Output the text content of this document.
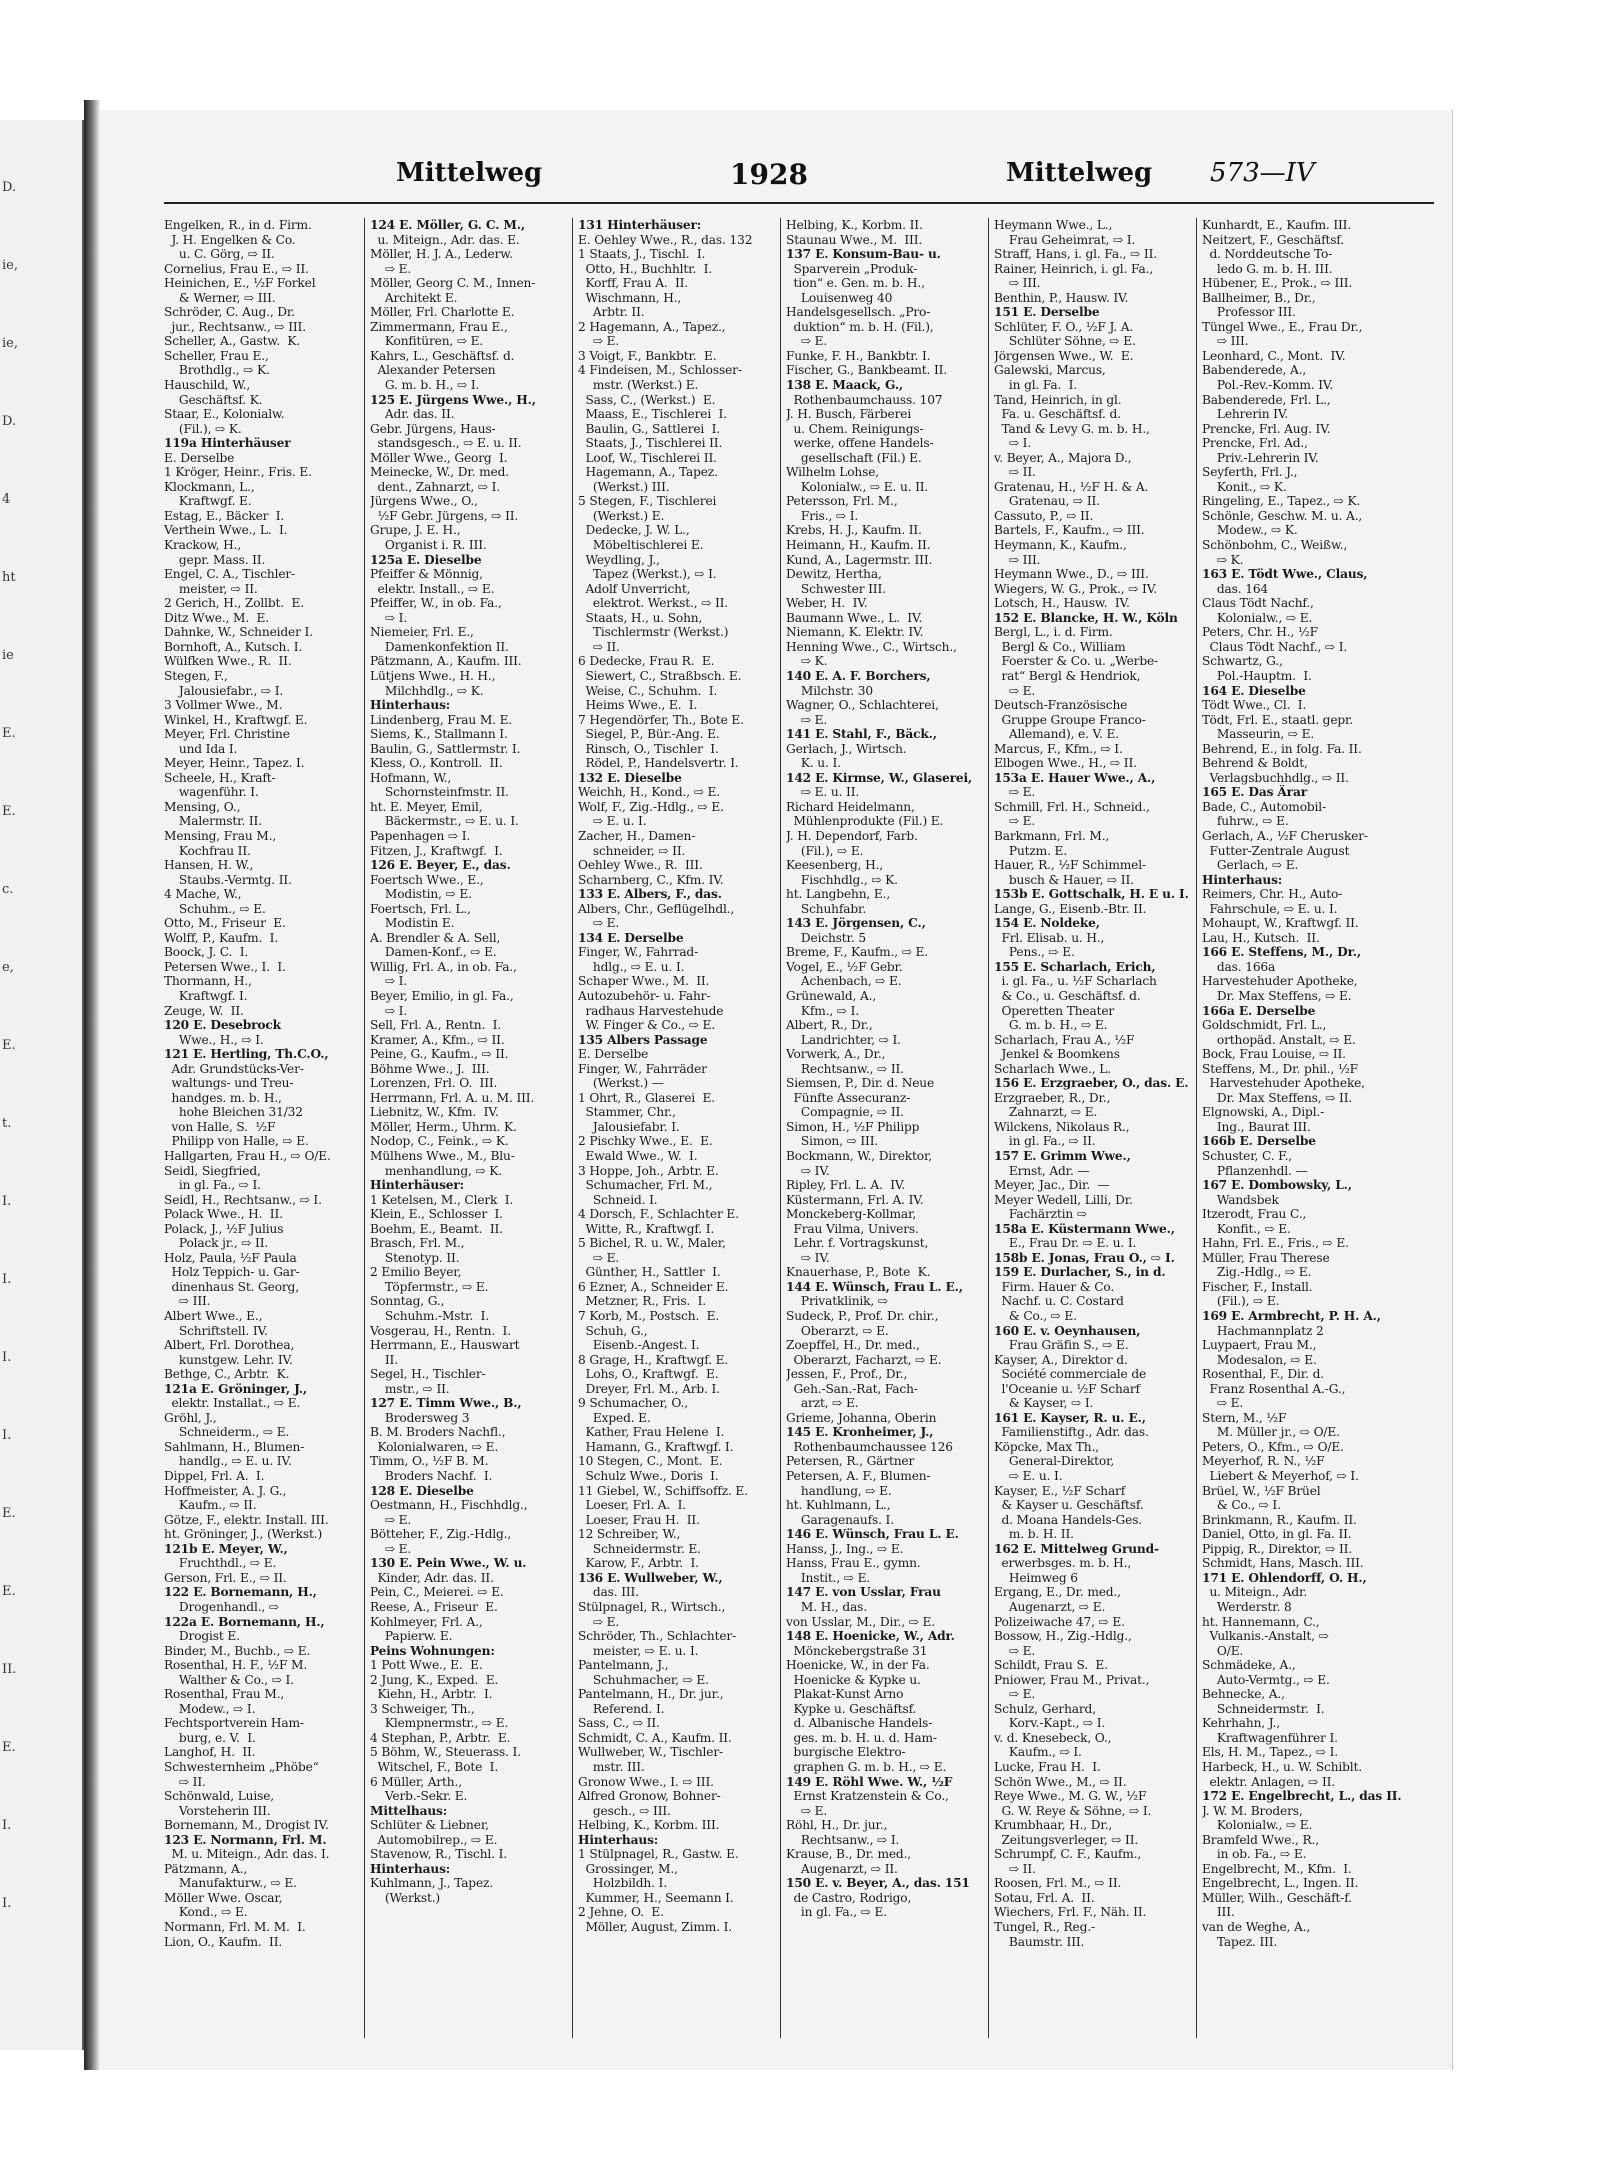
D.
ie,
ie,
D.
4
ht
ie
E.
E.
c.
e,
E.
t.
I.
I.
I.
I.
E.
E.
II.
E.
I.
I.
Mittelweg	1928	Mittelweg 573—IV
Engelken, R., in d. Firm.
J. H. Engelken & Co.
u. C. Görg, ⇨ II.
Cornelius, Frau E., ⇨ II.
Heinichen, E., ½F Forkel
& Werner, ⇨ III.
Schröder, C. Aug., Dr.
jur., Rechtsanw., ⇨ III.
Scheller, A., Gastw.  K.
Scheller, Frau E.,
Brothdlg., ⇨ K.
Hauschild, W.,
Geschäftsf. K.
Staar, E., Kolonialw.
(Fil.), ⇨ K.
119a Hinterhäuser
E. Derselbe
1 Kröger, Heinr., Fris. E.
Klockmann, L.,
Kraftwgf. E.
Estag, E., Bäcker  I.
Verthein Wwe., L.  I.
Krackow, H.,
gepr. Mass. II.
Engel, C. A., Tischler-
meister, ⇨ II.
2 Gerich, H., Zollbt.  E.
Ditz Wwe., M.  E.
Dahnke, W., Schneider I.
Bornhoft, A., Kutsch. I.
Wülfken Wwe., R.  II.
Stegen, F.,
Jalousiefabr., ⇨ I.
3 Vollmer Wwe., M.
Winkel, H., Kraftwgf. E.
Meyer, Frl. Christine
und Ida I.
Meyer, Heinr., Tapez. I.
Scheele, H., Kraft-
wagenführ. I.
Mensing, O.,
Malermstr. II.
Mensing, Frau M.,
Kochfrau II.
Hansen, H. W.,
Staubs.-Vermtg. II.
4 Mache, W.,
Schuhm., ⇨ E.
Otto, M., Friseur  E.
Wolff, P., Kaufm.  I.
Boock, J. C.  I.
Petersen Wwe., I.  I.
Thormann, H.,
Kraftwgf. I.
Zeuge, W.  II.
120 E. Desebrock
Wwe., H., ⇨ I.
121 E. Hertling, Th.C.O.,
Adr. Grundstücks-Ver-
waltungs- und Treu-
handges. m. b. H.,
hohe Bleichen 31/32
von Halle, S.  ½F
Philipp von Halle, ⇨ E.
Hallgarten, Frau H., ⇨ O/E.
Seidl, Siegfried,
in gl. Fa., ⇨ I.
Seidl, H., Rechtsanw., ⇨ I.
Polack Wwe., H.  II.
Polack, J., ½F Julius
Polack jr., ⇨ II.
Holz, Paula, ½F Paula
Holz Teppich- u. Gar-
dinenhaus St. Georg,
⇨ III.
Albert Wwe., E.,
Schriftstell. IV.
Albert, Frl. Dorothea,
kunstgew. Lehr. IV.
Bethge, C., Arbtr.  K.
121a E. Gröninger, J.,
elektr. Installat., ⇨ E.
Gröhl, J.,
Schneiderm., ⇨ E.
Sahlmann, H., Blumen-
handlg., ⇨ E. u. IV.
Dippel, Frl. A.  I.
Hoffmeister, A. J. G.,
Kaufm., ⇨ II.
Götze, F., elektr. Install. III.
ht. Gröninger, J., (Werkst.)
121b E. Meyer, W.,
Fruchthdl., ⇨ E.
Gerson, Frl. E., ⇨ II.
122 E. Bornemann, H.,
Drogenhandl., ⇨
122a E. Bornemann, H.,
Drogist E.
Binder, M., Buchb., ⇨ E.
Rosenthal, H. F., ½F M.
Walther & Co., ⇨ I.
Rosenthal, Frau M.,
Modew., ⇨ I.
Fechtsportverein Ham-
burg, e. V.  I.
Langhof, H.  II.
Schwesternheim „Phöbe“
⇨ II.
Schönwald, Luise,
Vorsteherin III.
Bornemann, M., Drogist IV.
123 E. Normann, Frl. M.
M. u. Miteign., Adr. das. I.
Pätzmann, A.,
Manufakturw., ⇨ E.
Möller Wwe. Oscar,
Kond., ⇨ E.
Normann, Frl. M. M.  I.
Lion, O., Kaufm.  II.
124 E. Möller, G. C. M.,
u. Miteign., Adr. das. E.
Möller, H. J. A., Lederw.
⇨ E.
Möller, Georg C. M., Innen-
Architekt E.
Möller, Frl. Charlotte E.
Zimmermann, Frau E.,
Konfitüren, ⇨ E.
Kahrs, L., Geschäftsf. d.
Alexander Petersen
G. m. b. H., ⇨ I.
125 E. Jürgens Wwe., H.,
Adr. das. II.
Gebr. Jürgens, Haus-
standsgesch., ⇨ E. u. II.
Möller Wwe., Georg  I.
Meinecke, W., Dr. med.
dent., Zahnarzt, ⇨ I.
Jürgens Wwe., O.,
½F Gebr. Jürgens, ⇨ II.
Grupe, J. E. H.,
Organist i. R. III.
125a E. Dieselbe
Pfeiffer & Mönnig,
elektr. Install., ⇨ E.
Pfeiffer, W., in ob. Fa.,
⇨ I.
Niemeier, Frl. E.,
Damenkonfektion II.
Pätzmann, A., Kaufm. III.
Lütjens Wwe., H. H.,
Milchhdlg., ⇨ K.
Hinterhaus:
Lindenberg, Frau M. E.
Siems, K., Stallmann I.
Baulin, G., Sattlermstr. I.
Kless, O., Kontroll.  II.
Hofmann, W.,
Schornsteinfmstr. II.
ht. E. Meyer, Emil,
Bäckermstr., ⇨ E. u. I.
Papenhagen ⇨ I.
Fitzen, J., Kraftwgf.  I.
126 E. Beyer, E., das.
Foertsch Wwe., E.,
Modistin, ⇨ E.
Foertsch, Frl. L.,
Modistin E.
A. Brendler & A. Sell,
Damen-Konf., ⇨ E.
Willig, Frl. A., in ob. Fa.,
⇨ I.
Beyer, Emilio, in gl. Fa.,
⇨ I.
Sell, Frl. A., Rentn.  I.
Kramer, A., Kfm., ⇨ II.
Peine, G., Kaufm., ⇨ II.
Böhme Wwe., J.  III.
Lorenzen, Frl. O.  III.
Herrmann, Frl. A. u. M. III.
Liebnitz, W., Kfm.  IV.
Möller, Herm., Uhrm. K.
Nodop, C., Feink., ⇨ K.
Mülhens Wwe., M., Blu-
menhandlung, ⇨ K.
Hinterhäuser:
1 Ketelsen, M., Clerk  I.
Klein, E., Schlosser  I.
Boehm, E., Beamt.  II.
Brasch, Frl. M.,
Stenotyp. II.
2 Emilio Beyer,
Töpfermstr., ⇨ E.
Sonntag, G.,
Schuhm.-Mstr.  I.
Vosgerau, H., Rentn.  I.
Herrmann, E., Hauswart
II.
Segel, H., Tischler-
mstr., ⇨ II.
127 E. Timm Wwe., B.,
Brodersweg 3
B. M. Broders Nachfl.,
Kolonialwaren, ⇨ E.
Timm, O., ½F B. M.
Broders Nachf.  I.
128 E. Dieselbe
Oestmann, H., Fischhdlg.,
⇨ E.
Bötteher, F., Zig.-Hdlg.,
⇨ E.
130 E. Pein Wwe., W. u.
Kinder, Adr. das. II.
Pein, C., Meierei. ⇨ E.
Reese, A., Friseur  E.
Kohlmeyer, Frl. A.,
Papierw. E.
Peins Wohnungen:
1 Pott Wwe., E.  E.
2 Jung, K., Exped.  E.
Kiehn, H., Arbtr.  I.
3 Schweiger, Th.,
Klempnermstr., ⇨ E.
4 Stephan, P., Arbtr.  E.
5 Böhm, W., Steuerass. I.
Witschel, F., Bote  I.
6 Müller, Arth.,
Verb.-Sekr. E.
Mittelhaus:
Schlüter & Liebner,
Automobilrep., ⇨ E.
Stavenow, R., Tischl. I.
Hinterhaus:
Kuhlmann, J., Tapez.
(Werkst.)
131 Hinterhäuser:
E. Oehley Wwe., R., das. 132
1 Staats, J., Tischl.  I.
Otto, H., Buchhltr.  I.
Korff, Frau A.  II.
Wischmann, H.,
Arbtr. II.
2 Hagemann, A., Tapez.,
⇨ E.
3 Voigt, F., Bankbtr.  E.
4 Findeisen, M., Schlosser-
mstr. (Werkst.) E.
Sass, C., (Werkst.)  E.
Maass, E., Tischlerei  I.
Baulin, G., Sattlerei  I.
Staats, J., Tischlerei II.
Loof, W., Tischlerei II.
Hagemann, A., Tapez.
(Werkst.) III.
5 Stegen, F., Tischlerei
(Werkst.) E.
Dedecke, J. W. L.,
Möbeltischlerei E.
Weydling, J.,
Tapez (Werkst.), ⇨ I.
Adolf Unverricht,
elektrot. Werkst., ⇨ II.
Staats, H., u. Sohn,
Tischlermstr (Werkst.)
⇨ II.
6 Dedecke, Frau R.  E.
Siewert, C., Straßbsch. E.
Weise, C., Schuhm.  I.
Heims Wwe., E.  I.
7 Hegendörfer, Th., Bote E.
Siegel, P., Bür.-Ang. E.
Rinsch, O., Tischler  I.
Rödel, P., Handelsvertr. I.
132 E. Dieselbe
Weichh, H., Kond., ⇨ E.
Wolf, F., Zig.-Hdlg., ⇨ E.
⇨ E. u. I.
Zacher, H., Damen-
schneider, ⇨ II.
Oehley Wwe., R.  III.
Scharnberg, C., Kfm. IV.
133 E. Albers, F., das.
Albers, Chr., Geflügelhdl.,
⇨ E.
134 E. Derselbe
Finger, W., Fahrrad-
hdlg., ⇨ E. u. I.
Schaper Wwe., M.  II.
Autozubehör- u. Fahr-
radhaus Harvestehude
W. Finger & Co., ⇨ E.
135 Albers Passage
E. Derselbe
Finger, W., Fahrräder
(Werkst.) —
1 Ohrt, R., Glaserei  E.
Stammer, Chr.,
Jalousiefabr. I.
2 Pischky Wwe., E.  E.
Ewald Wwe., W.  I.
3 Hoppe, Joh., Arbtr. E.
Schumacher, Frl. M.,
Schneid. I.
4 Dorsch, F., Schlachter E.
Witte, R., Kraftwgf. I.
5 Bichel, R. u. W., Maler,
⇨ E.
Günther, H., Sattler  I.
6 Ezner, A., Schneider E.
Metzner, R., Fris.  I.
7 Korb, M., Postsch.  E.
Schuh, G.,
Eisenb.-Angest. I.
8 Grage, H., Kraftwgf. E.
Lohs, O., Kraftwgf.  E.
Dreyer, Frl. M., Arb. I.
9 Schumacher, O.,
Exped. E.
Kather, Frau Helene  I.
Hamann, G., Kraftwgf. I.
10 Stegen, C., Mont.  E.
Schulz Wwe., Doris  I.
11 Giebel, W., Schiffsoffz. E.
Loeser, Frl. A.  I.
Loeser, Frau H.  II.
12 Schreiber, W.,
Schneidermstr. E.
Karow, F., Arbtr.  I.
136 E. Wullweber, W.,
das. III.
Stülpnagel, R., Wirtsch.,
⇨ E.
Schröder, Th., Schlachter-
meister, ⇨ E. u. I.
Pantelmann, J.,
Schuhmacher, ⇨ E.
Pantelmann, H., Dr. jur.,
Referend. I.
Sass, C., ⇨ II.
Schmidt, C. A., Kaufm. II.
Wullweber, W., Tischler-
mstr. III.
Gronow Wwe., I. ⇨ III.
Alfred Gronow, Bohner-
gesch., ⇨ III.
Helbing, K., Korbm. III.
Hinterhaus:
1 Stülpnagel, R., Gastw. E.
Grossinger, M.,
Holzbildh. I.
Kummer, H., Seemann I.
2 Jehne, O.  E.
Möller, August, Zimm. I.
Helbing, K., Korbm. II.
Staunau Wwe., M.  III.
137 E. Konsum-Bau- u.
Sparverein „Produk-
tion“ e. Gen. m. b. H.,
Louisenweg 40
Handelsgesellsch. „Pro-
duktion“ m. b. H. (Fil.),
⇨ E.
Funke, F. H., Bankbtr. I.
Fischer, G., Bankbeamt. II.
138 E. Maack, G.,
Rothenbaumchauss. 107
J. H. Busch, Färberei
u. Chem. Reinigungs-
werke, offene Handels-
gesellschaft (Fil.) E.
Wilhelm Lohse,
Kolonialw., ⇨ E. u. II.
Petersson, Frl. M.,
Fris., ⇨ I.
Krebs, H. J., Kaufm. II.
Heimann, H., Kaufm. II.
Kund, A., Lagermstr. III.
Dewitz, Hertha,
Schwester III.
Weber, H.  IV.
Baumann Wwe., L.  IV.
Niemann, K. Elektr. IV.
Henning Wwe., C., Wirtsch.,
⇨ K.
140 E. A. F. Borchers,
Milchstr. 30
Wagner, O., Schlachterei,
⇨ E.
141 E. Stahl, F., Bäck.,
Gerlach, J., Wirtsch.
K. u. I.
142 E. Kirmse, W., Glaserei,
⇨ E. u. II.
Richard Heidelmann,
Mühlenprodukte (Fil.) E.
J. H. Dependorf, Farb.
(Fil.), ⇨ E.
Keesenberg, H.,
Fischhdlg., ⇨ K.
ht. Langbehn, E.,
Schuhfabr.
143 E. Jörgensen, C.,
Deichstr. 5
Breme, F., Kaufm., ⇨ E.
Vogel, E., ½F Gebr.
Achenbach, ⇨ E.
Grünewald, A.,
Kfm., ⇨ I.
Albert, R., Dr.,
Landrichter, ⇨ I.
Vorwerk, A., Dr.,
Rechtsanw., ⇨ II.
Siemsen, P., Dir. d. Neue
Fünfte Assecuranz-
Compagnie, ⇨ II.
Simon, H., ½F Philipp
Simon, ⇨ III.
Bockmann, W., Direktor,
⇨ IV.
Ripley, Frl. L. A.  IV.
Küstermann, Frl. A. IV.
Monckeberg-Kollmar,
Frau Vilma, Univers.
Lehr. f. Vortragskunst,
⇨ IV.
Knauerhase, P., Bote  K.
144 E. Wünsch, Frau L. E.,
Privatklinik, ⇨
Sudeck, P., Prof. Dr. chir.,
Oberarzt, ⇨ E.
Zoepffel, H., Dr. med.,
Oberarzt, Facharzt, ⇨ E.
Jessen, F., Prof., Dr.,
Geh.-San.-Rat, Fach-
arzt, ⇨ E.
Grieme, Johanna, Oberin
145 E. Kronheimer, J.,
Rothenbaumchaussee 126
Petersen, R., Gärtner
Petersen, A. F., Blumen-
handlung, ⇨ E.
ht. Kuhlmann, L.,
Garagenaufs. I.
146 E. Wünsch, Frau L. E.
Hanss, J., Ing., ⇨ E.
Hanss, Frau E., gymn.
Instit., ⇨ E.
147 E. von Usslar, Frau
M. H., das.
von Usslar, M., Dir., ⇨ E.
148 E. Hoenicke, W., Adr.
Mönckebergstraße 31
Hoenicke, W., in der Fa.
Hoenicke & Kypke u.
Plakat-Kunst Arno
Kypke u. Geschäftsf.
d. Albanische Handels-
ges. m. b. H. u. d. Ham-
burgische Elektro-
graphen G. m. b. H., ⇨ E.
149 E. Röhl Wwe. W., ½F
Ernst Kratzenstein & Co.,
⇨ E.
Röhl, H., Dr. jur.,
Rechtsanw., ⇨ I.
Krause, B., Dr. med.,
Augenarzt, ⇨ II.
150 E. v. Beyer, A., das. 151
de Castro, Rodrigo,
in gl. Fa., ⇨ E.
Heymann Wwe., L.,
Frau Geheimrat, ⇨ I.
Straff, Hans, i. gl. Fa., ⇨ II.
Rainer, Heinrich, i. gl. Fa.,
⇨ III.
Benthin, P., Hausw. IV.
151 E. Derselbe
Schlüter, F. O., ½F J. A.
Schlüter Söhne, ⇨ E.
Jörgensen Wwe., W.  E.
Galewski, Marcus,
in gl. Fa.  I.
Tand, Heinrich, in gl.
Fa. u. Geschäftsf. d.
Tand & Levy G. m. b. H.,
⇨ I.
v. Beyer, A., Majora D.,
⇨ II.
Gratenau, H., ½F H. & A.
Gratenau, ⇨ II.
Cassuto, P., ⇨ II.
Bartels, F., Kaufm., ⇨ III.
Heymann, K., Kaufm.,
⇨ III.
Heymann Wwe., D., ⇨ III.
Wiegers, W. G., Prok., ⇨ IV.
Lotsch, H., Hausw.  IV.
152 E. Blancke, H. W., Köln
Bergl, L., i. d. Firm.
Bergl & Co., William
Foerster & Co. u. „Werbe-
rat“ Bergl & Hendriok,
⇨ E.
Deutsch-Französische
Gruppe Groupe Franco-
Allemand), e. V. E.
Marcus, F., Kfm., ⇨ I.
Elbogen Wwe., H., ⇨ II.
153a E. Hauer Wwe., A.,
⇨ E.
Schmill, Frl. H., Schneid.,
⇨ E.
Barkmann, Frl. M.,
Putzm. E.
Hauer, R., ½F Schimmel-
busch & Hauer, ⇨ II.
153b E. Gottschalk, H. E u. I.
Lange, G., Eisenb.-Btr. II.
154 E. Noldeke,
Frl. Elisab. u. H.,
Pens., ⇨ E.
155 E. Scharlach, Erich,
i. gl. Fa., u. ½F Scharlach
& Co., u. Geschäftsf. d.
Operetten Theater
G. m. b. H., ⇨ E.
Scharlach, Frau A., ½F
Jenkel & Boomkens
Scharlach Wwe., L.
156 E. Erzgraeber, O., das. E.
Erzgraeber, R., Dr.,
Zahnarzt, ⇨ E.
Wilckens, Nikolaus R.,
in gl. Fa., ⇨ II.
157 E. Grimm Wwe.,
Ernst, Adr. —
Meyer, Jac., Dir.  —
Meyer Wedell, Lilli, Dr.
Fachärztin ⇨
158a E. Küstermann Wwe.,
E., Frau Dr. ⇨ E. u. I.
158b E. Jonas, Frau O., ⇨ I.
159 E. Durlacher, S., in d.
Firm. Hauer & Co.
Nachf. u. C. Costard
& Co., ⇨ E.
160 E. v. Oeynhausen,
Frau Gräfin S., ⇨ E.
Kayser, A., Direktor d.
Société commerciale de
l'Oceanie u. ½F Scharf
& Kayser, ⇨ I.
161 E. Kayser, R. u. E.,
Familienstiftg., Adr. das.
Köpcke, Max Th.,
General-Direktor,
⇨ E. u. I.
Kayser, E., ½F Scharf
& Kayser u. Geschäftsf.
d. Moana Handels-Ges.
m. b. H. II.
162 E. Mittelweg Grund-
erwerbsges. m. b. H.,
Heimweg 6
Ergang, E., Dr. med.,
Augenarzt, ⇨ E.
Polizeiwache 47, ⇨ E.
Bossow, H., Zig.-Hdlg.,
⇨ E.
Schildt, Frau S.  E.
Pniower, Frau M., Privat.,
⇨ E.
Schulz, Gerhard,
Korv.-Kapt., ⇨ I.
v. d. Knesebeck, O.,
Kaufm., ⇨ I.
Lucke, Frau H.  I.
Schön Wwe., M., ⇨ II.
Reye Wwe., M. G. W., ½F
G. W. Reye & Söhne, ⇨ I.
Krumbhaar, H., Dr.,
Zeitungsverleger, ⇨ II.
Schrumpf, C. F., Kaufm.,
⇨ II.
Roosen, Frl. M., ⇨ II.
Sotau, Frl. A.  II.
Wiechers, Frl. F., Näh. II.
Tungel, R., Reg.-
Baumstr. III.
Kunhardt, E., Kaufm. III.
Neitzert, F., Geschäftsf.
d. Norddeutsche To-
ledo G. m. b. H. III.
Hübener, E., Prok., ⇨ III.
Ballheimer, B., Dr.,
Professor III.
Tüngel Wwe., E., Frau Dr.,
⇨ III.
Leonhard, C., Mont.  IV.
Babenderede, A.,
Pol.-Rev.-Komm. IV.
Babenderede, Frl. L.,
Lehrerin IV.
Prencke, Frl. Aug. IV.
Prencke, Frl. Ad.,
Priv.-Lehrerin IV.
Seyferth, Frl. J.,
Konit., ⇨ K.
Ringeling, E., Tapez., ⇨ K.
Schönle, Geschw. M. u. A.,
Modew., ⇨ K.
Schönbohm, C., Weißw.,
⇨ K.
163 E. Tödt Wwe., Claus,
das. 164
Claus Tödt Nachf.,
Kolonialw., ⇨ E.
Peters, Chr. H., ½F
Claus Tödt Nachf., ⇨ I.
Schwartz, G.,
Pol.-Hauptm.  I.
164 E. Dieselbe
Tödt Wwe., Cl.  I.
Tödt, Frl. E., staatl. gepr.
Masseurin, ⇨ E.
Behrend, E., in folg. Fa. II.
Behrend & Boldt,
Verlagsbuchhdlg., ⇨ II.
165 E. Das Ärar
Bade, C., Automobil-
fuhrw., ⇨ E.
Gerlach, A., ½F Cherusker-
Futter-Zentrale August
Gerlach, ⇨ E.
Hinterhaus:
Reimers, Chr. H., Auto-
Fahrschule, ⇨ E. u. I.
Mohaupt, W., Kraftwgf. II.
Lau, H., Kutsch.  II.
166 E. Steffens, M., Dr.,
das. 166a
Harvestehuder Apotheke,
Dr. Max Steffens, ⇨ E.
166a E. Derselbe
Goldschmidt, Frl. L.,
orthopäd. Anstalt, ⇨ E.
Bock, Frau Louise, ⇨ II.
Steffens, M., Dr. phil., ½F
Harvestehuder Apotheke,
Dr. Max Steffens, ⇨ II.
Elgnowski, A., Dipl.-
Ing., Baurat III.
166b E. Derselbe
Schuster, C. F.,
Pflanzenhdl. —
167 E. Dombowsky, L.,
Wandsbek
Itzerodt, Frau C.,
Konfit., ⇨ E.
Hahn, Frl. E., Fris., ⇨ E.
Müller, Frau Therese
Zig.-Hdlg., ⇨ E.
Fischer, F., Install.
(Fil.), ⇨ E.
169 E. Armbrecht, P. H. A.,
Hachmannplatz 2
Luypaert, Frau M.,
Modesalon, ⇨ E.
Rosenthal, F., Dir. d.
Franz Rosenthal A.-G.,
⇨ E.
Stern, M., ½F
M. Müller jr., ⇨ O/E.
Peters, O., Kfm., ⇨ O/E.
Meyerhof, R. N., ½F
Liebert & Meyerhof, ⇨ I.
Brüel, W., ½F Brüel
& Co., ⇨ I.
Brinkmann, R., Kaufm. II.
Daniel, Otto, in gl. Fa. II.
Pippig, R., Direktor, ⇨ II.
Schmidt, Hans, Masch. III.
171 E. Ohlendorff, O. H.,
u. Miteign., Adr.
Werderstr. 8
ht. Hannemann, C.,
Vulkanis.-Anstalt, ⇨
O/E.
Schmädeke, A.,
Auto-Vermtg., ⇨ E.
Behnecke, A.,
Schneidermstr.  I.
Kehrhahn, J.,
Kraftwagenführer I.
Els, H. M., Tapez., ⇨ I.
Harbeck, H., u. W. Schiblt.
elektr. Anlagen, ⇨ II.
172 E. Engelbrecht, L., das II.
J. W. M. Broders,
Kolonialw., ⇨ E.
Bramfeld Wwe., R.,
in ob. Fa., ⇨ E.
Engelbrecht, M., Kfm.  I.
Engelbrecht, L., Ingen. II.
Müller, Wilh., Geschäft-f.
III.
van de Weghe, A.,
Tapez. III.
